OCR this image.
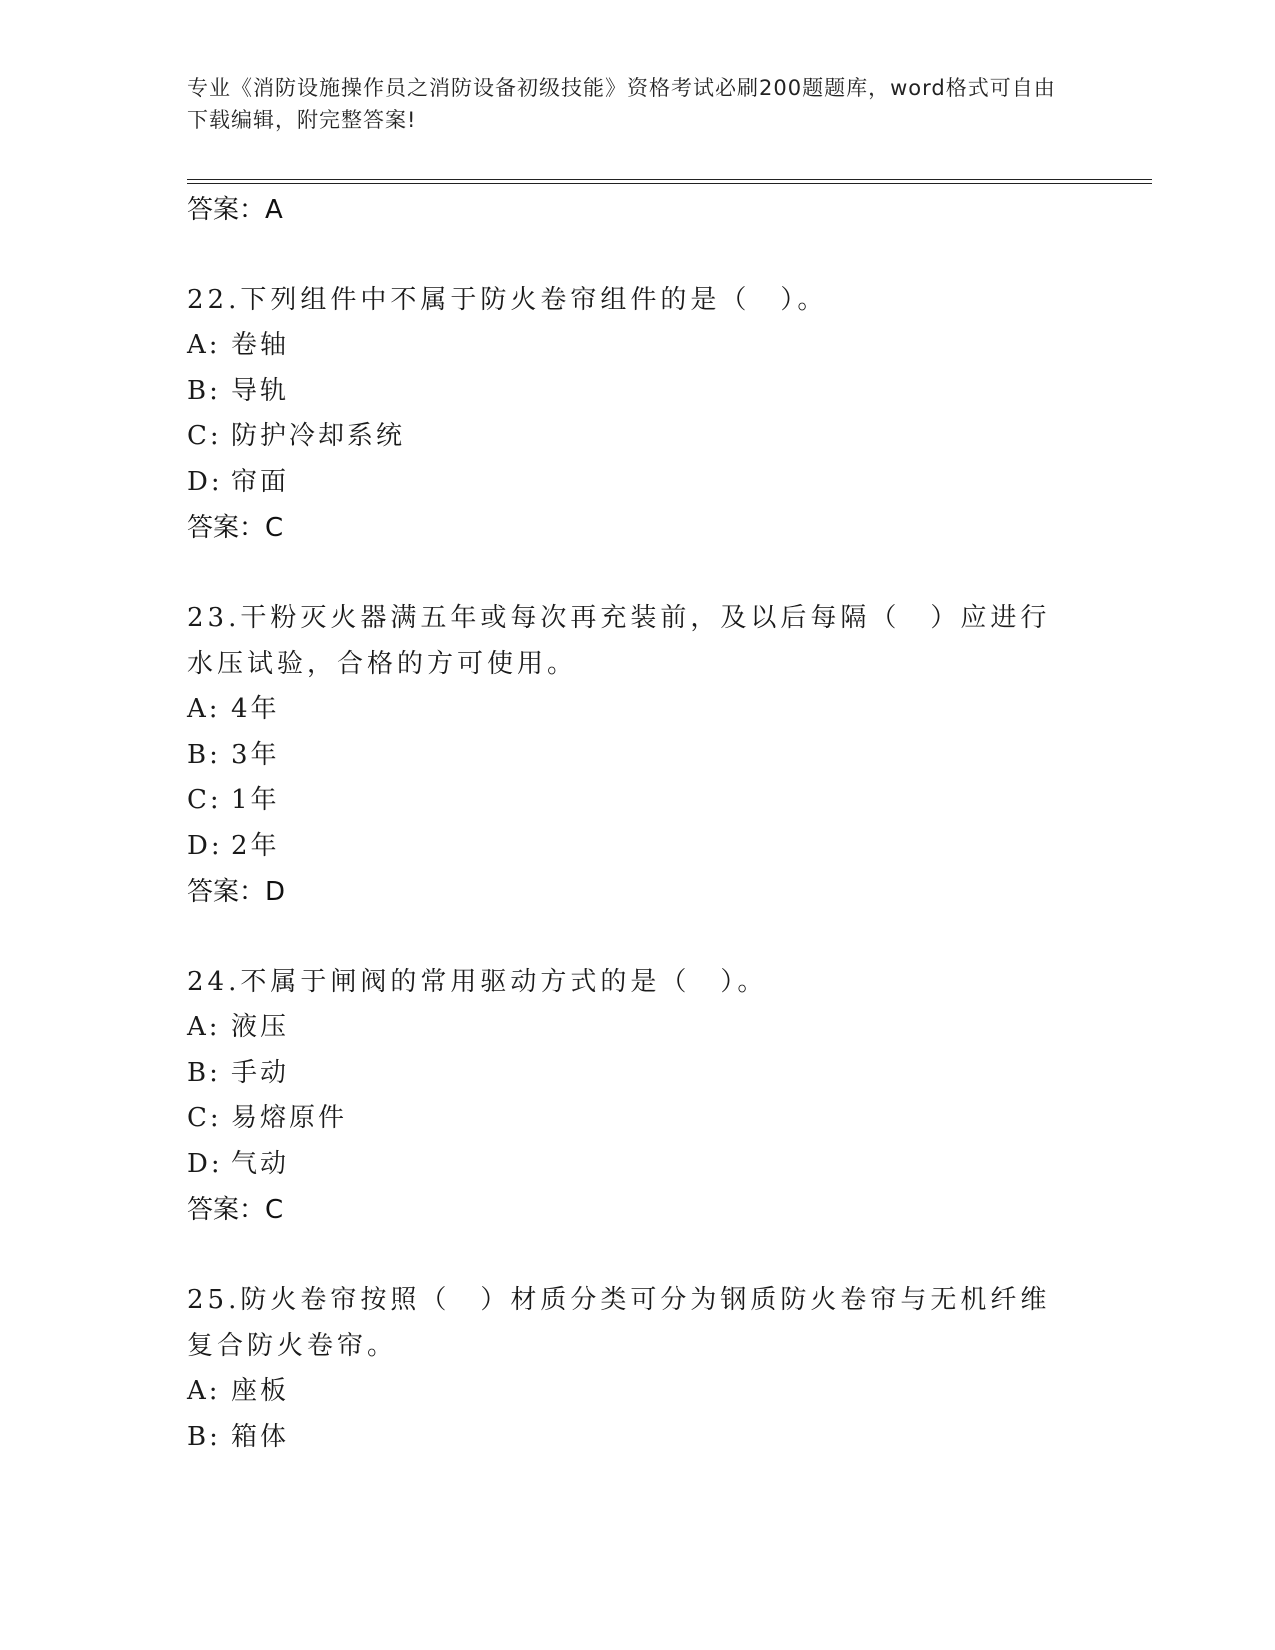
专业《消防设施操作员之消防设备初级技能》资格考试必刷200题题库，word格式可自由下载编辑，附完整答案!
答案：A

22.下列组件中不属于防火卷帘组件的是（　）。

A: 卷轴

B: 导轨

C: 防护冷却系统

D: 帘面

答案：C

23.干粉灭火器满五年或每次再充装前，及以后每隔（　）应进行水压试验，合格的方可使用。

A: 4年

B: 3年

C: 1年

D: 2年

答案：D

24.不属于闸阀的常用驱动方式的是（　）。

A: 液压

B: 手动

C: 易熔原件

D: 气动

答案：C

25.防火卷帘按照（　）材质分类可分为钢质防火卷帘与无机纤维复合防火卷帘。

A: 座板

B: 箱体
